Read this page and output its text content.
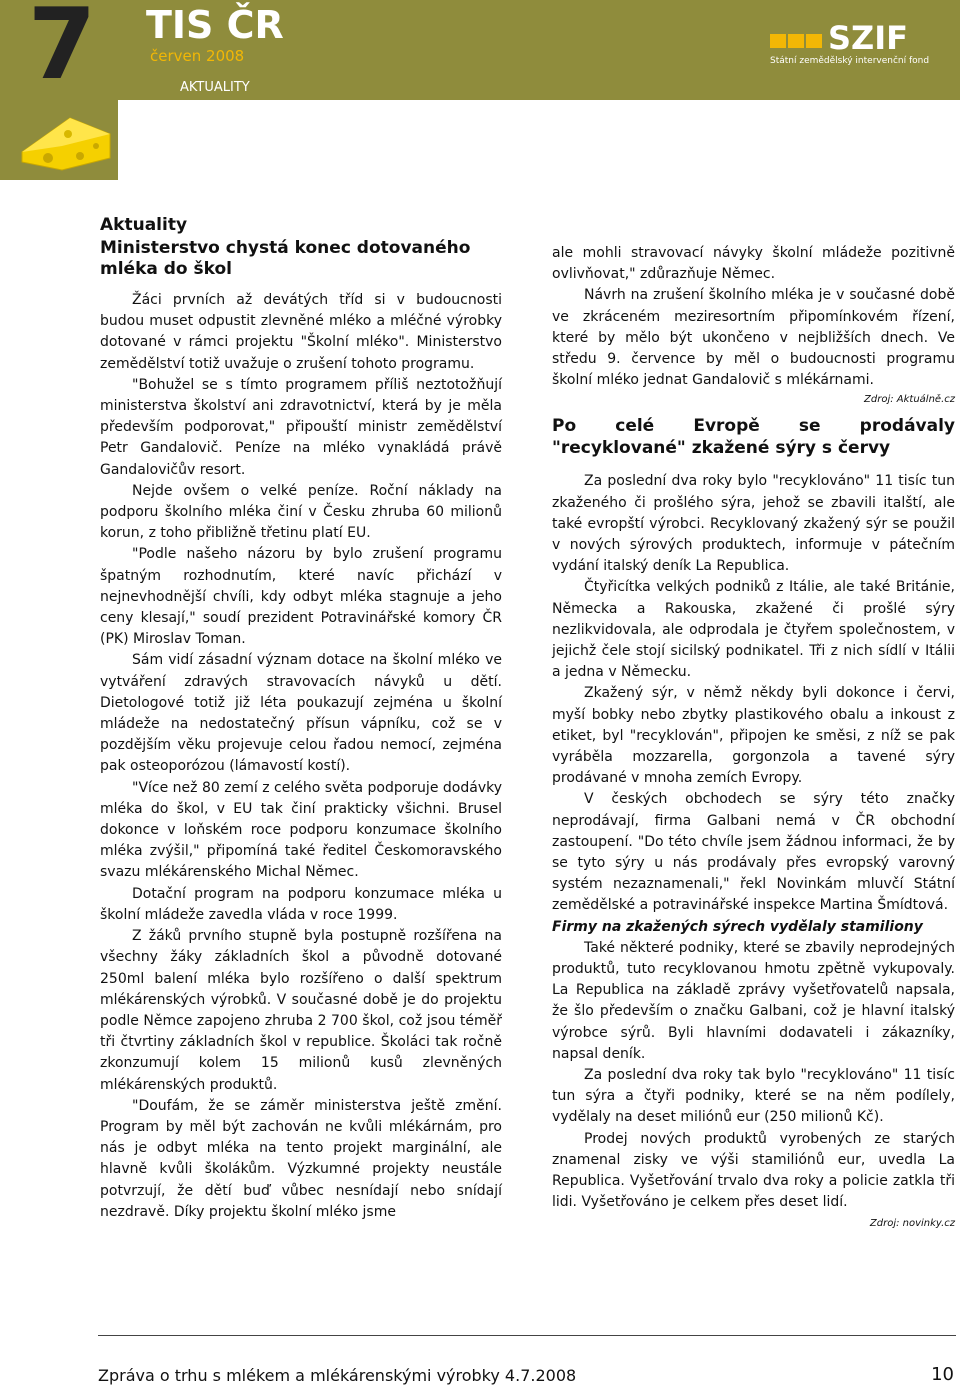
7 TIS ČR
červen 2008
AKTUALITY
SZIF
Státní zemědělský intervenční fond
Aktuality
Ministerstvo chystá konec dotovaného mléka do škol

Žáci prvních až devátých tříd si v budoucnosti budou muset odpustit zlevněné mléko a mléčné výrobky dotované v rámci projektu "Školní mléko". Ministerstvo zemědělství totiž uvažuje o zrušení tohoto programu.

"Bohužel se s tímto programem příliš neztotožňují ministerstva školství ani zdravotnictví, která by je měla především podporovat," připouští ministr zemědělství Petr Gandalovič. Peníze na mléko vynakládá právě Gandalovičův resort.

Nejde ovšem o velké peníze. Roční náklady na podporu školního mléka činí v Česku zhruba 60 milionů korun, z toho přibližně třetinu platí EU.

"Podle našeho názoru by bylo zrušení programu špatným rozhodnutím, které navíc přichází v nejnevhodnější chvíli, kdy odbyt mléka stagnuje a jeho ceny klesají," soudí prezident Potravinářské komory ČR (PK) Miroslav Toman.

Sám vidí zásadní význam dotace na školní mléko ve vytváření zdravých stravovacích návyků u dětí. Dietologové totiž již léta poukazují zejména u školní mládeže na nedostatečný přísun vápníku, což se v pozdějším věku projevuje celou řadou nemocí, zejména pak osteoporózou (lámavostí kostí).

"Více než 80 zemí z celého světa podporuje dodávky mléka do škol, v EU tak činí prakticky všichni. Brusel dokonce v loňském roce podporu konzumace školního mléka zvýšil," připomíná také ředitel Českomoravského svazu mlékárenského Michal Němec.

Dotační program na podporu konzumace mléka u školní mládeže zavedla vláda v roce 1999.

Z žáků prvního stupně byla postupně rozšířena na všechny žáky základních škol a původně dotované 250ml balení mléka bylo rozšířeno o další spektrum mlékárenských výrobků. V současné době je do projektu podle Němce zapojeno zhruba 2 700 škol, což jsou téměř tři čtvrtiny základních škol v republice. Školáci tak ročně zkonzumují kolem 15 milionů kusů zlevněných mlékárenských produktů.

"Doufám, že se záměr ministerstva ještě změní. Program by měl být zachován ne kvůli mlékárnám, pro nás je odbyt mléka na tento projekt marginální, ale hlavně kvůli školákům. Výzkumné projekty neustále potvrzují, že dětí buď vůbec nesnídají nebo snídají nezdravě. Díky projektu školní mléko jsme

ale mohli stravovací návyky školní mládeže pozitivně ovlivňovat," zdůrazňuje Němec.

Návrh na zrušení školního mléka je v současné době ve zkráceném meziresortním připomínkovém řízení, které by mělo být ukončeno v nejbližších dnech. Ve středu 9. července by měl o budoucnosti programu školní mléko jednat Gandalovič s mlékárnami.

Zdroj: Aktuálně.cz
Po celé Evropě se prodávaly "recyklované" zkažené sýry s červy

Za poslední dva roky bylo "recyklováno" 11 tisíc tun zkaženého či prošlého sýra, jehož se zbavili italští, ale také evropští výrobci. Recyklovaný zkažený sýr se použil v nových sýrových produktech, informuje v pátečním vydání italský deník La Republica.

Čtyřicítka velkých podniků z Itálie, ale také Británie, Německa a Rakouska, zkažené či prošlé sýry nezlikvidovala, ale odprodala je čtyřem společnostem, v jejichž čele stojí sicilský podnikatel. Tři z nich sídlí v Itálii a jedna v Německu.

Zkažený sýr, v němž někdy byli dokonce i červi, myší bobky nebo zbytky plastikového obalu a inkoust z etiket, byl "recyklován", připojen ke směsi, z níž se pak vyráběla mozzarella, gorgonzola a tavené sýry prodávané v mnoha zemích Evropy.

V českých obchodech se sýry této značky neprodávají, firma Galbani nemá v ČR obchodní zastoupení. "Do této chvíle jsem žádnou informaci, že by se tyto sýry u nás prodávaly přes evropský varovný systém nezaznamenali," řekl Novinkám mluvčí Státní zemědělské a potravinářské inspekce Martina Šmídtová.

Firmy na zkažených sýrech vydělaly stamiliony

Také některé podniky, které se zbavily neprodejných produktů, tuto recyklovanou hmotu zpětně vykupovaly. La Republica na základě zprávy vyšetřovatelů napsala, že šlo především o značku Galbani, což je hlavní italský výrobce sýrů. Byli hlavními dodavateli i zákazníky, napsal deník.

Za poslední dva roky tak bylo "recyklováno" 11 tisíc tun sýra a čtyři podniky, které se na něm podílely, vydělaly na deset miliónů eur (250 milionů Kč).

Prodej nových produktů vyrobených ze starých znamenal zisky ve výši stamiliónů eur, uvedla La Republica. Vyšetřování trvalo dva roky a policie zatkla tři lidi. Vyšetřováno je celkem přes deset lidí.

Zdroj: novinky.cz
Zpráva o trhu s mlékem a mlékárenskými výrobky 4.7.2008	10
